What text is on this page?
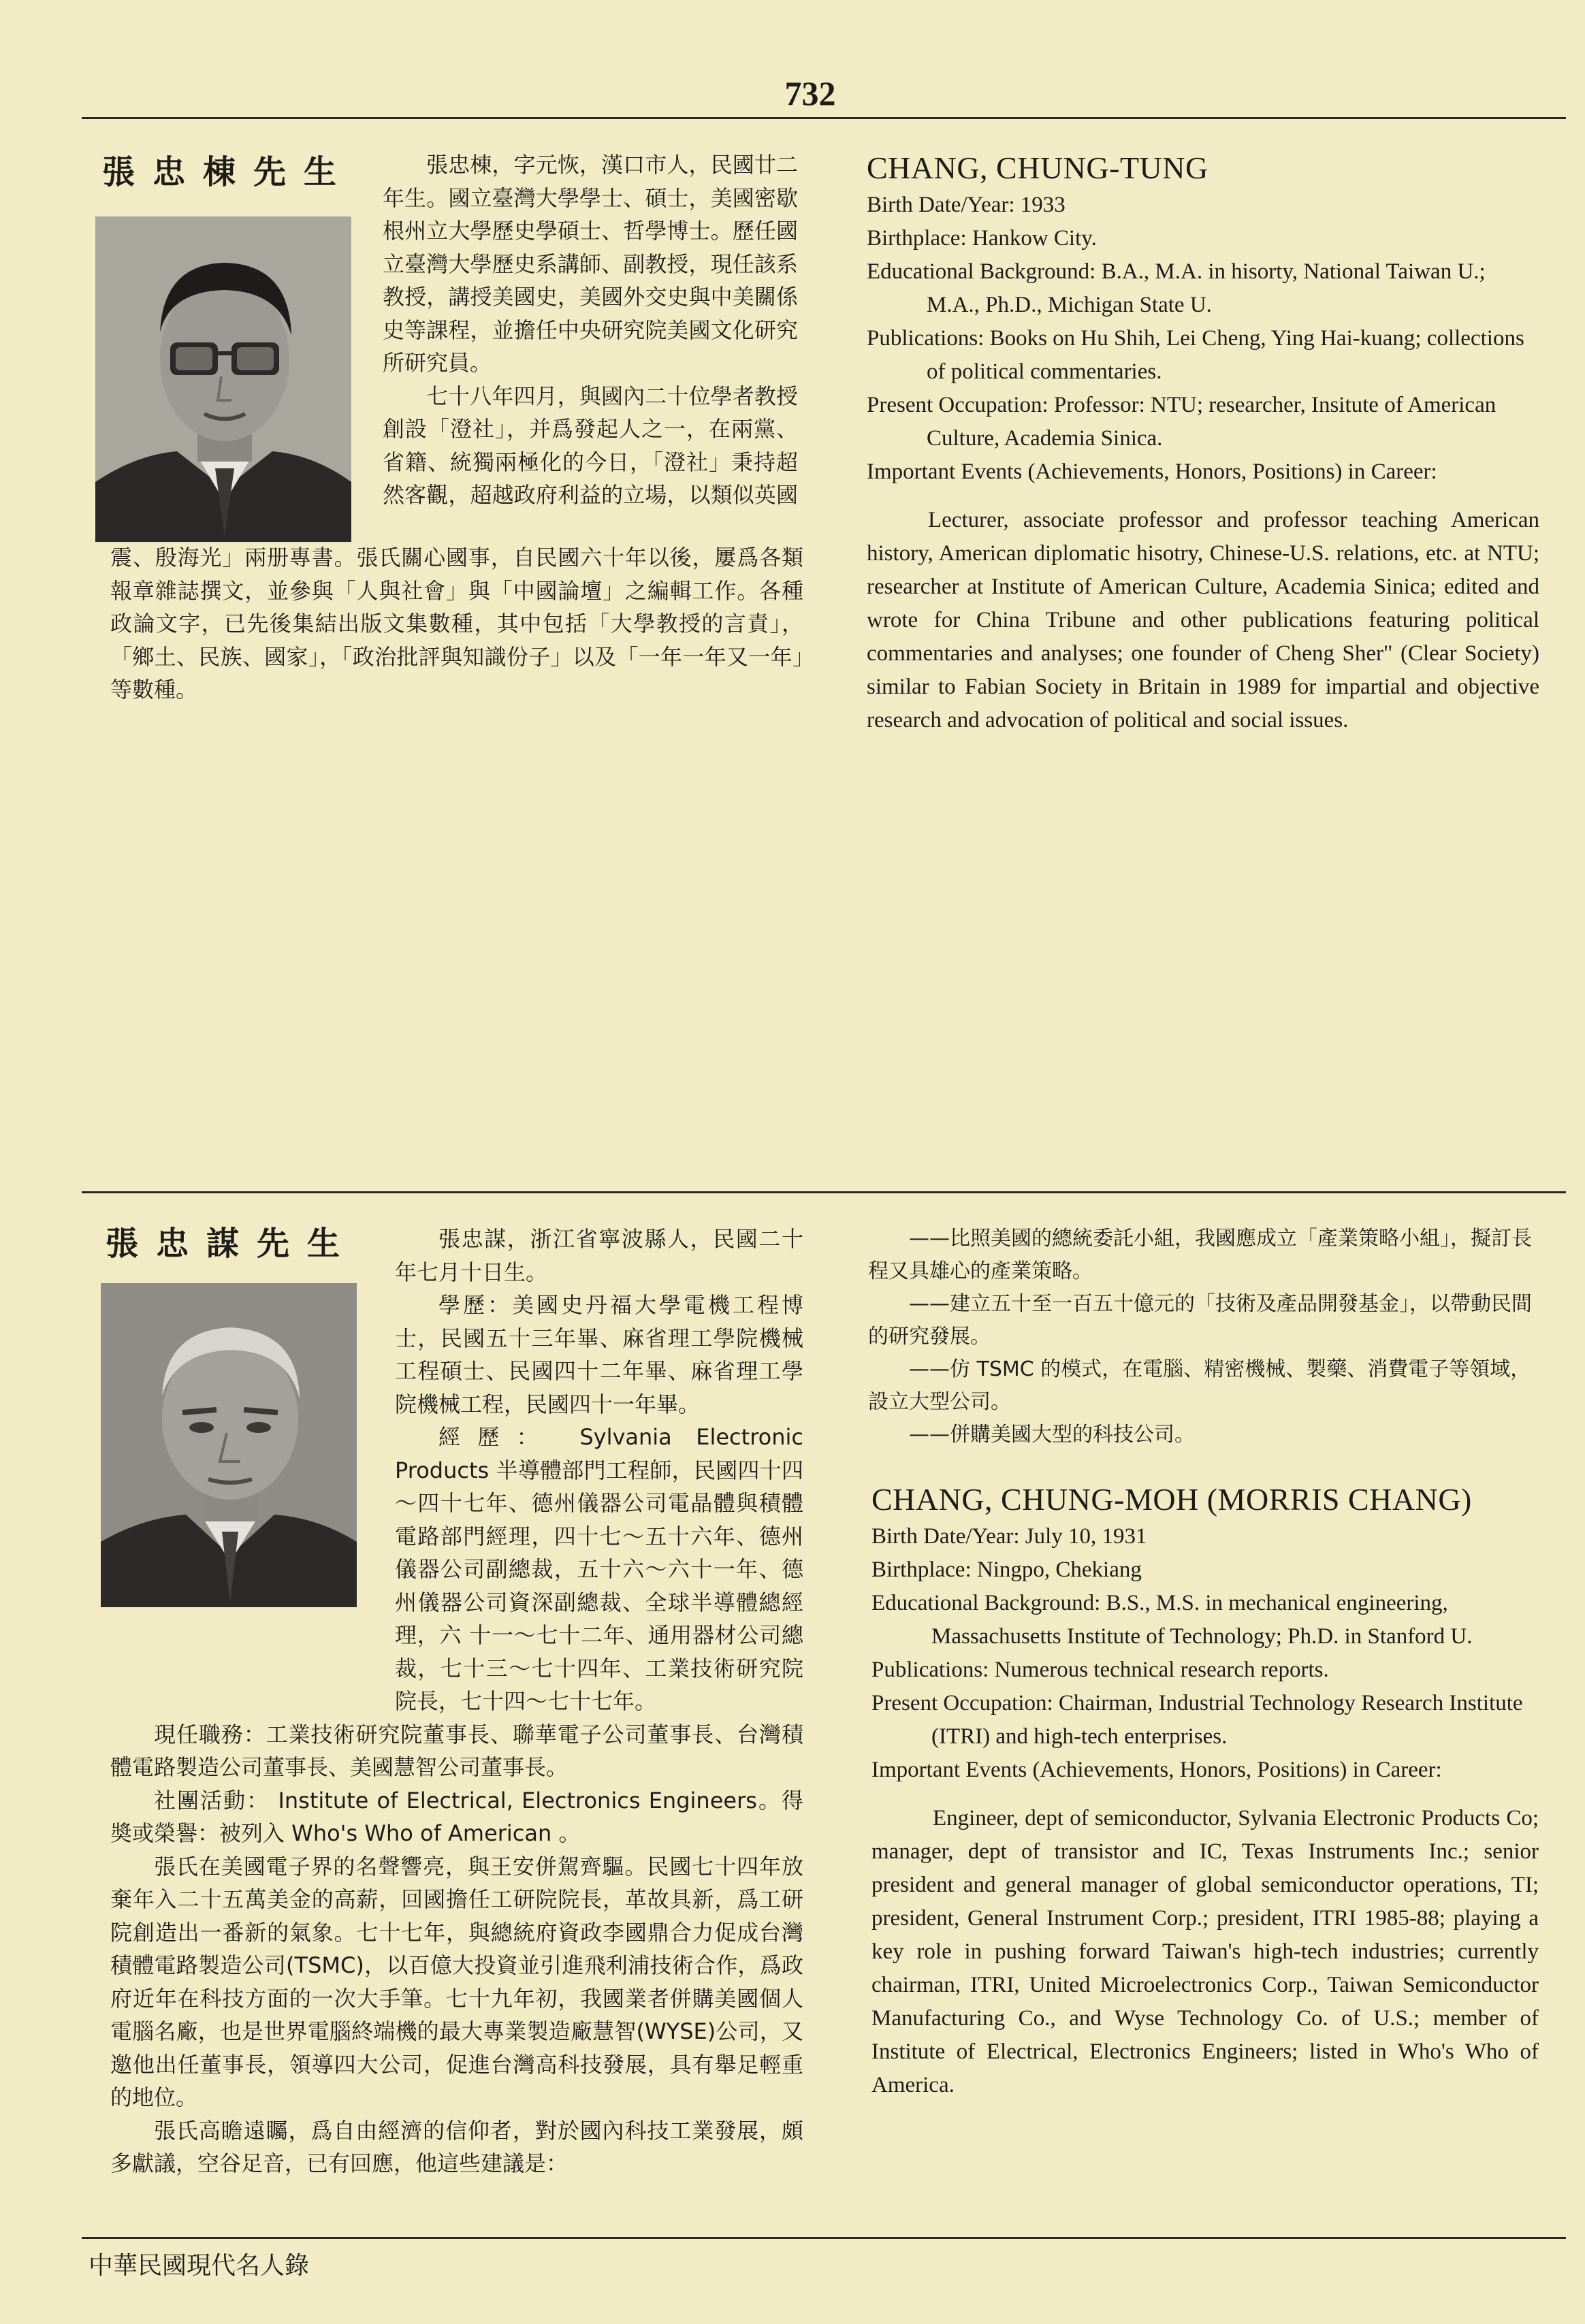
732
張忠棟先生	張忠棟，字元恢，漢口市人，民國廿二年生。國立臺灣大學學士、碩士，美國密歇根州立大學歷史學碩士、哲學博士。歷任國立臺灣大學歷史系講師、副教授，現任該系教授，講授美國史，美國外交史與中美關係史等課程，並擔任中央研究院美國文化研究所研究員。

七十八年四月，與國內二十位學者教授創設「澄社」，并爲發起人之一，在兩黨、省籍、統獨兩極化的今日，「澄社」秉持超然客觀，超越政府利益的立場，以類似英國

震、殷海光」兩册專書。張氏關心國事，自民國六十年以後，屢爲各類報章雜誌撰文，並參與「人與社會」與「中國論壇」之編輯工作。各種政論文字，已先後集結出版文集數種，其中包括「大學教授的言責」，「鄉土、民族、國家」，「政治批評與知識份子」以及「一年一年又一年」等數種。

CHANG, CHUNG-TUNG

Birth Date/Year: 1933

Birthplace: Hankow City.

Educational Background: B.A., M.A. in hisorty, National Taiwan U.; M.A., Ph.D., Michigan State U.

Publications: Books on Hu Shih, Lei Cheng, Ying Hai-kuang; collections of political commentaries.

Present Occupation: Professor: NTU; researcher, Insitute of American Culture, Academia Sinica.

Important Events (Achievements, Honors, Positions) in Career:

Lecturer, associate professor and professor teaching American history, American diplomatic hisotry, Chinese-U.S. relations, etc. at NTU; researcher at Institute of American Culture, Academia Sinica; edited and wrote for China Tribune and other publications featuring political commentaries and analyses; one founder of Cheng Sher" (Clear Society) similar to Fabian Society in Britain in 1989 for impartial and objective research and advocation of political and social issues.

張忠謀先生	張忠謀，浙江省寧波縣人，民國二十年七月十日生。

學歷：美國史丹福大學電機工程博士，民國五十三年畢、麻省理工學院機械工程碩士、民國四十二年畢、麻省理工學院機械工程，民國四十一年畢。

經歷： Sylvania Electronic Products 半導體部門工程師，民國四十四～四十七年、德州儀器公司電晶體與積體電路部門經理，四十七～五十六年、德州儀器公司副總裁，五十六～六十一年、德州儀器公司資深副總裁、全球半導體總經理，六 十一～七十二年、通用器材公司總裁，七十三～七十四年、工業技術研究院院長，七十四～七十七年。

現任職務：工業技術研究院董事長、聯華電子公司董事長、台灣積體電路製造公司董事長、美國慧智公司董事長。

社團活動： Institute of Electrical, Electronics Engineers。得奬或榮譽：被列入 Who's Who of American 。

張氏在美國電子界的名聲響亮，與王安併駕齊驅。民國七十四年放棄年入二十五萬美金的高薪，回國擔任工研院院長，革故具新，爲工研院創造出一番新的氣象。七十七年，與總統府資政李國鼎合力促成台灣積體電路製造公司(TSMC)，以百億大投資並引進飛利浦技術合作，爲政府近年在科技方面的一次大手筆。七十九年初，我國業者併購美國個人電腦名廠，也是世界電腦終端機的最大專業製造廠慧智(WYSE)公司，又邀他出任董事長，領導四大公司，促進台灣高科技發展，具有舉足輕重的地位。

張氏高瞻遠矚，爲自由經濟的信仰者，對於國內科技工業發展，頗多獻議，空谷足音，已有回應，他這些建議是：

——比照美國的總統委託小組，我國應成立「產業策略小組」，擬訂長程又具雄心的產業策略。

——建立五十至一百五十億元的「技術及產品開發基金」，以帶動民間的研究發展。

——仿 TSMC 的模式，在電腦、精密機械、製藥、消費電子等領域，設立大型公司。

——併購美國大型的科技公司。

CHANG, CHUNG-MOH (MORRIS CHANG)

Birth Date/Year: July 10, 1931

Birthplace: Ningpo, Chekiang

Educational Background: B.S., M.S. in mechanical engineering, Massachusetts Institute of Technology; Ph.D. in Stanford U.

Publications: Numerous technical research reports.

Present Occupation: Chairman, Industrial Technology Research Institute (ITRI) and high-tech enterprises.

Important Events (Achievements, Honors, Positions) in Career:

Engineer, dept of semiconductor, Sylvania Electronic Products Co; manager, dept of transistor and IC, Texas Instruments Inc.; senior president and general manager of global semiconductor operations, TI; president, General Instrument Corp.; president, ITRI 1985-88; playing a key role in pushing forward Taiwan's high-tech industries; currently chairman, ITRI, United Microelectronics Corp., Taiwan Semiconductor Manufacturing Co., and Wyse Technology Co. of U.S.; member of Institute of Electrical, Electronics Engineers; listed in Who's Who of America.

中華民國現代名人錄
